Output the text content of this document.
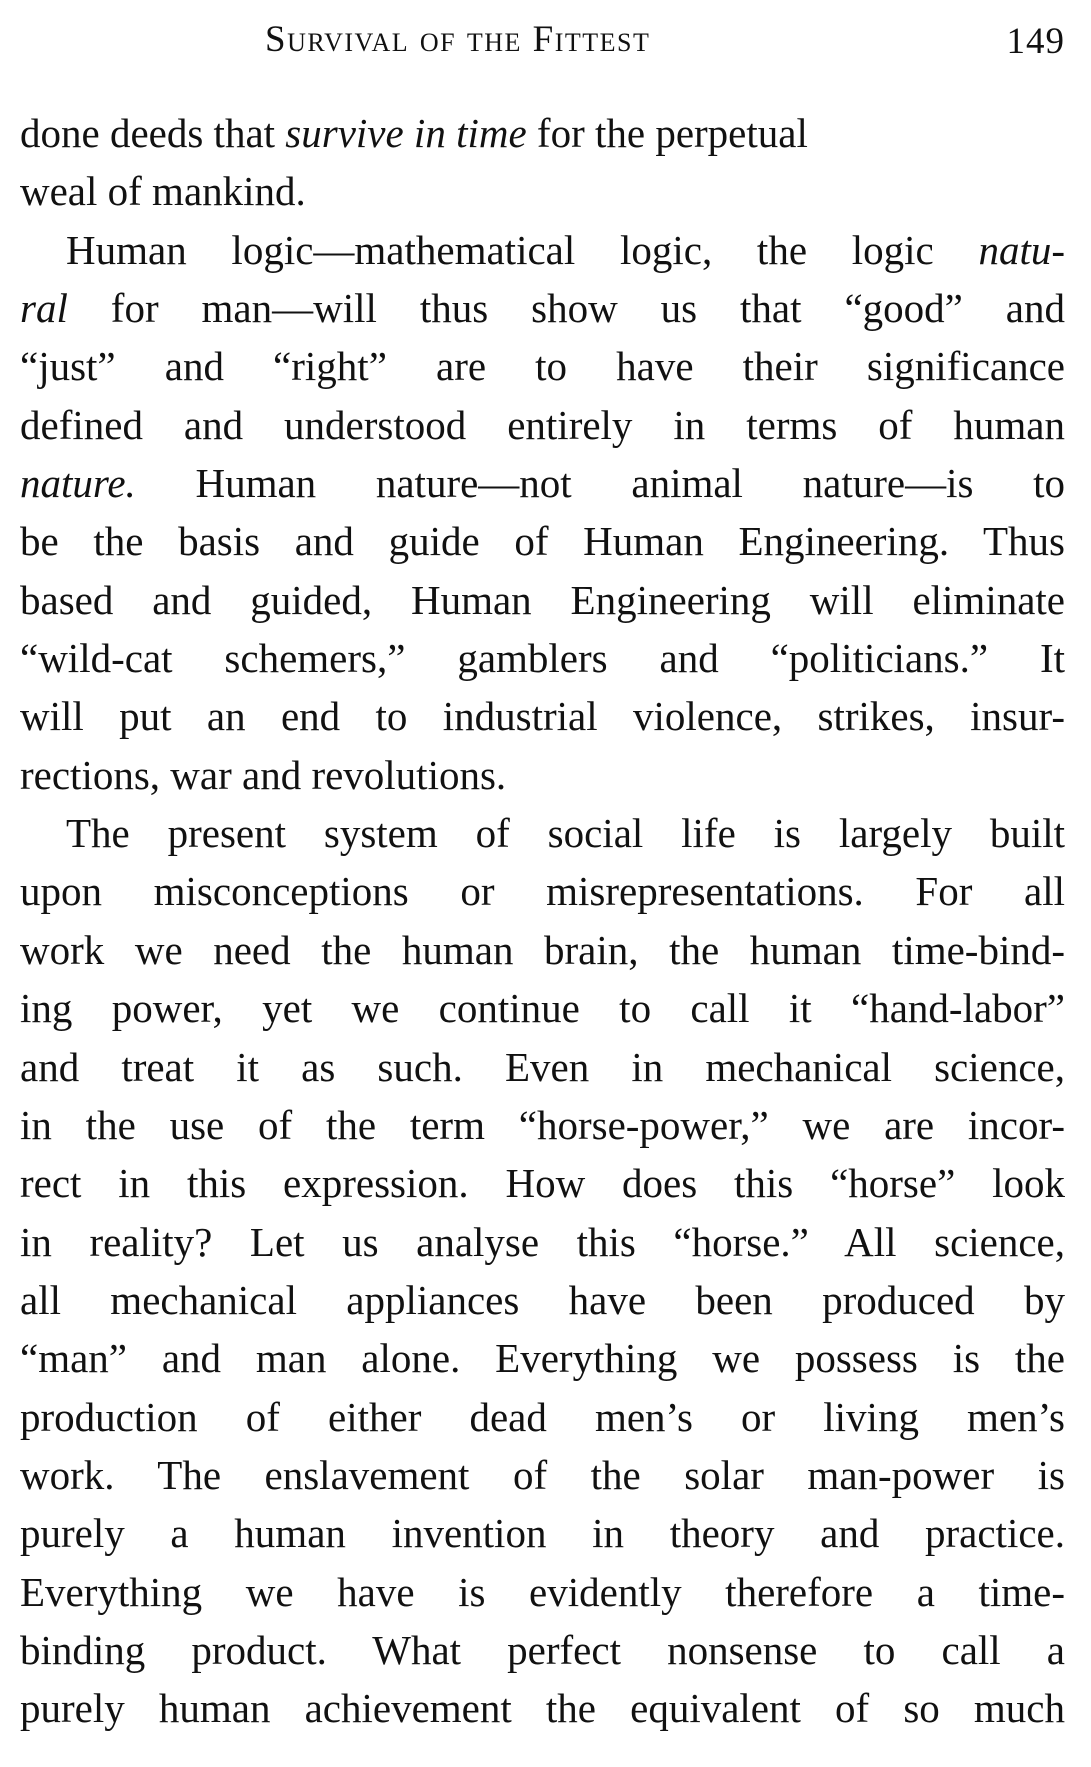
Survival of the Fittest	149
done deeds that survive in time for the perpetual
weal of mankind.
Human logic—mathematical logic, the logic natu-
ral for man—will thus show us that “good” and
“just” and “right” are to have their significance
defined and understood entirely in terms of human
nature. Human nature—not animal nature—is to
be the basis and guide of Human Engineering. Thus
based and guided, Human Engineering will eliminate
“wild-cat schemers,” gamblers and “politicians.” It
will put an end to industrial violence, strikes, insur-
rections, war and revolutions.
The present system of social life is largely built
upon misconceptions or misrepresentations. For all
work we need the human brain, the human time-bind-
ing power, yet we continue to call it “hand-labor”
and treat it as such. Even in mechanical science,
in the use of the term “horse-power,” we are incor-
rect in this expression. How does this “horse” look
in reality? Let us analyse this “horse.” All science,
all mechanical appliances have been produced by
“man” and man alone. Everything we possess is the
production of either dead men’s or living men’s
work. The enslavement of the solar man-power is
purely a human invention in theory and practice.
Everything we have is evidently therefore a time-
binding product. What perfect nonsense to call a
purely human achievement the equivalent of so much
